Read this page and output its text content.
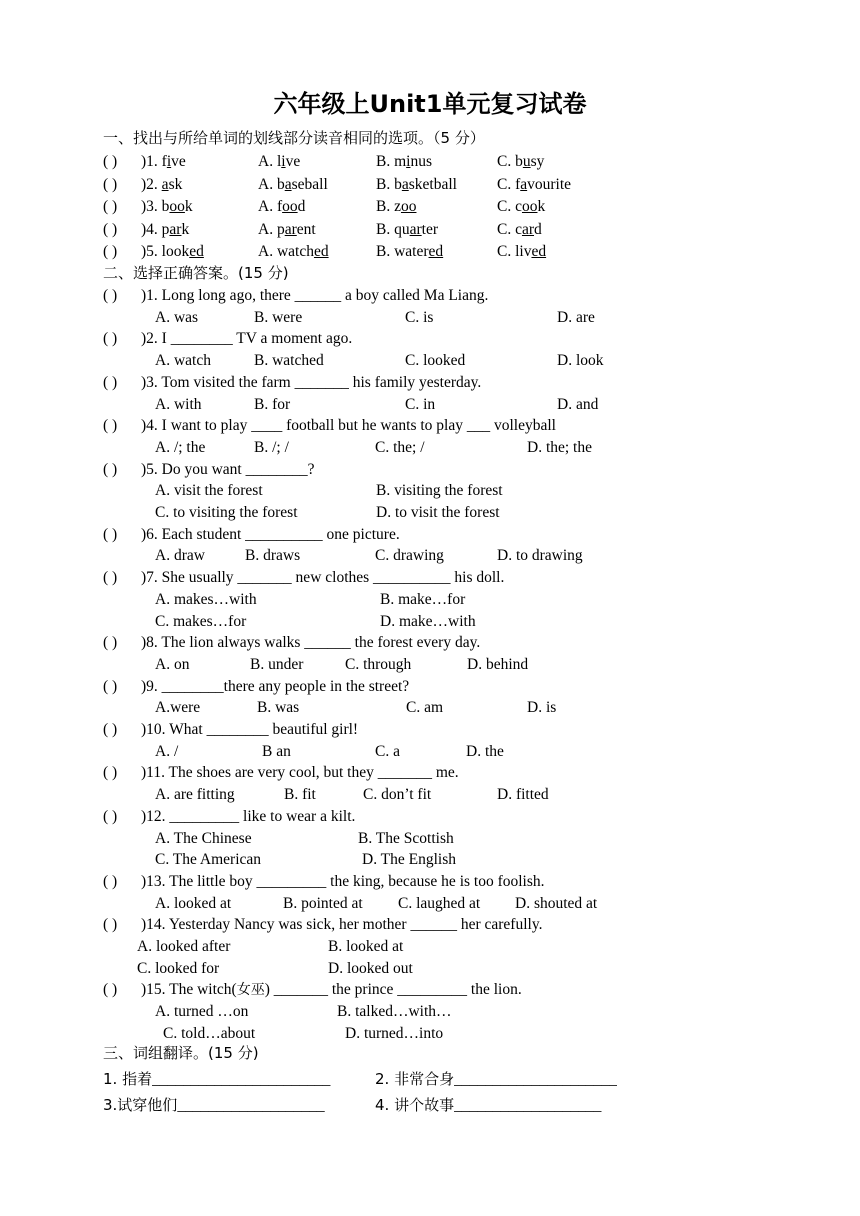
六年级上Unit1单元复习试卷
一、找出与所给单词的划线部分读音相同的选项。（5 分）
( ) )1. five	A. live	B. minus	C. busy
( ) )2. ask	A. baseball	B. basketball	C. favourite
( ) )3. book	A. food	B. zoo	C. cook
( ) )4. park	A. parent	B. quarter	C. card
( ) )5. looked	A. watched	B. watered	C. lived
二、选择正确答案。(15 分)
( ) )1. Long long ago, there ______ a boy called Ma Liang.
A. was	B. were	C. is	D. are
( ) )2. I ________ TV a moment ago.
A. watch	B. watched	C. looked	D. look
( ) )3. Tom visited the farm _______ his family yesterday.
A. with	B. for	C. in	D. and
( ) )4. I want to play ____ football but he wants to play ___ volleyball
A. /; the	B. /; /	C. the; /	D. the; the
( ) )5. Do you want ________?
A. visit the forest	B. visiting the forest
C. to visiting the forest	D. to visit the forest
( ) )6. Each student __________ one picture.
A. draw	B. draws	C. drawing	D. to drawing
( ) )7. She usually _______ new clothes __________ his doll.
A. makes…with	B. make…for
C. makes…for	D. make…with
( ) )8. The lion always walks ______ the forest every day.
A. on	B. under	C. through	D. behind
( ) )9. ________there any people in the street?
A.were	B. was	C. am	D. is
( ) )10. What ________ beautiful girl!
A. /	B an	C. a	D. the
( ) )11. The shoes are very cool, but they _______ me.
A. are fitting	B. fit	C. don’t fit	D. fitted
( ) )12. _________ like to wear a kilt.
A. The Chinese	B. The Scottish
C. The American	D. The English
( ) )13. The little boy _________ the king, because he is too foolish.
A. looked at	B. pointed at C. laughed at D. shouted at
( ) )14. Yesterday Nancy was sick, her mother ______ her carefully.
A. looked after	B. looked at
C. looked for	D. looked out
( ) )15. The witch(女巫) _______ the prince _________ the lion.
A. turned …on	B. talked…with…
C. told…about	D. turned…into
三、词组翻译。(15 分)
1. 指着_______________________	2. 非常合身_____________________
3.试穿他们___________________	4. 讲个故事___________________
